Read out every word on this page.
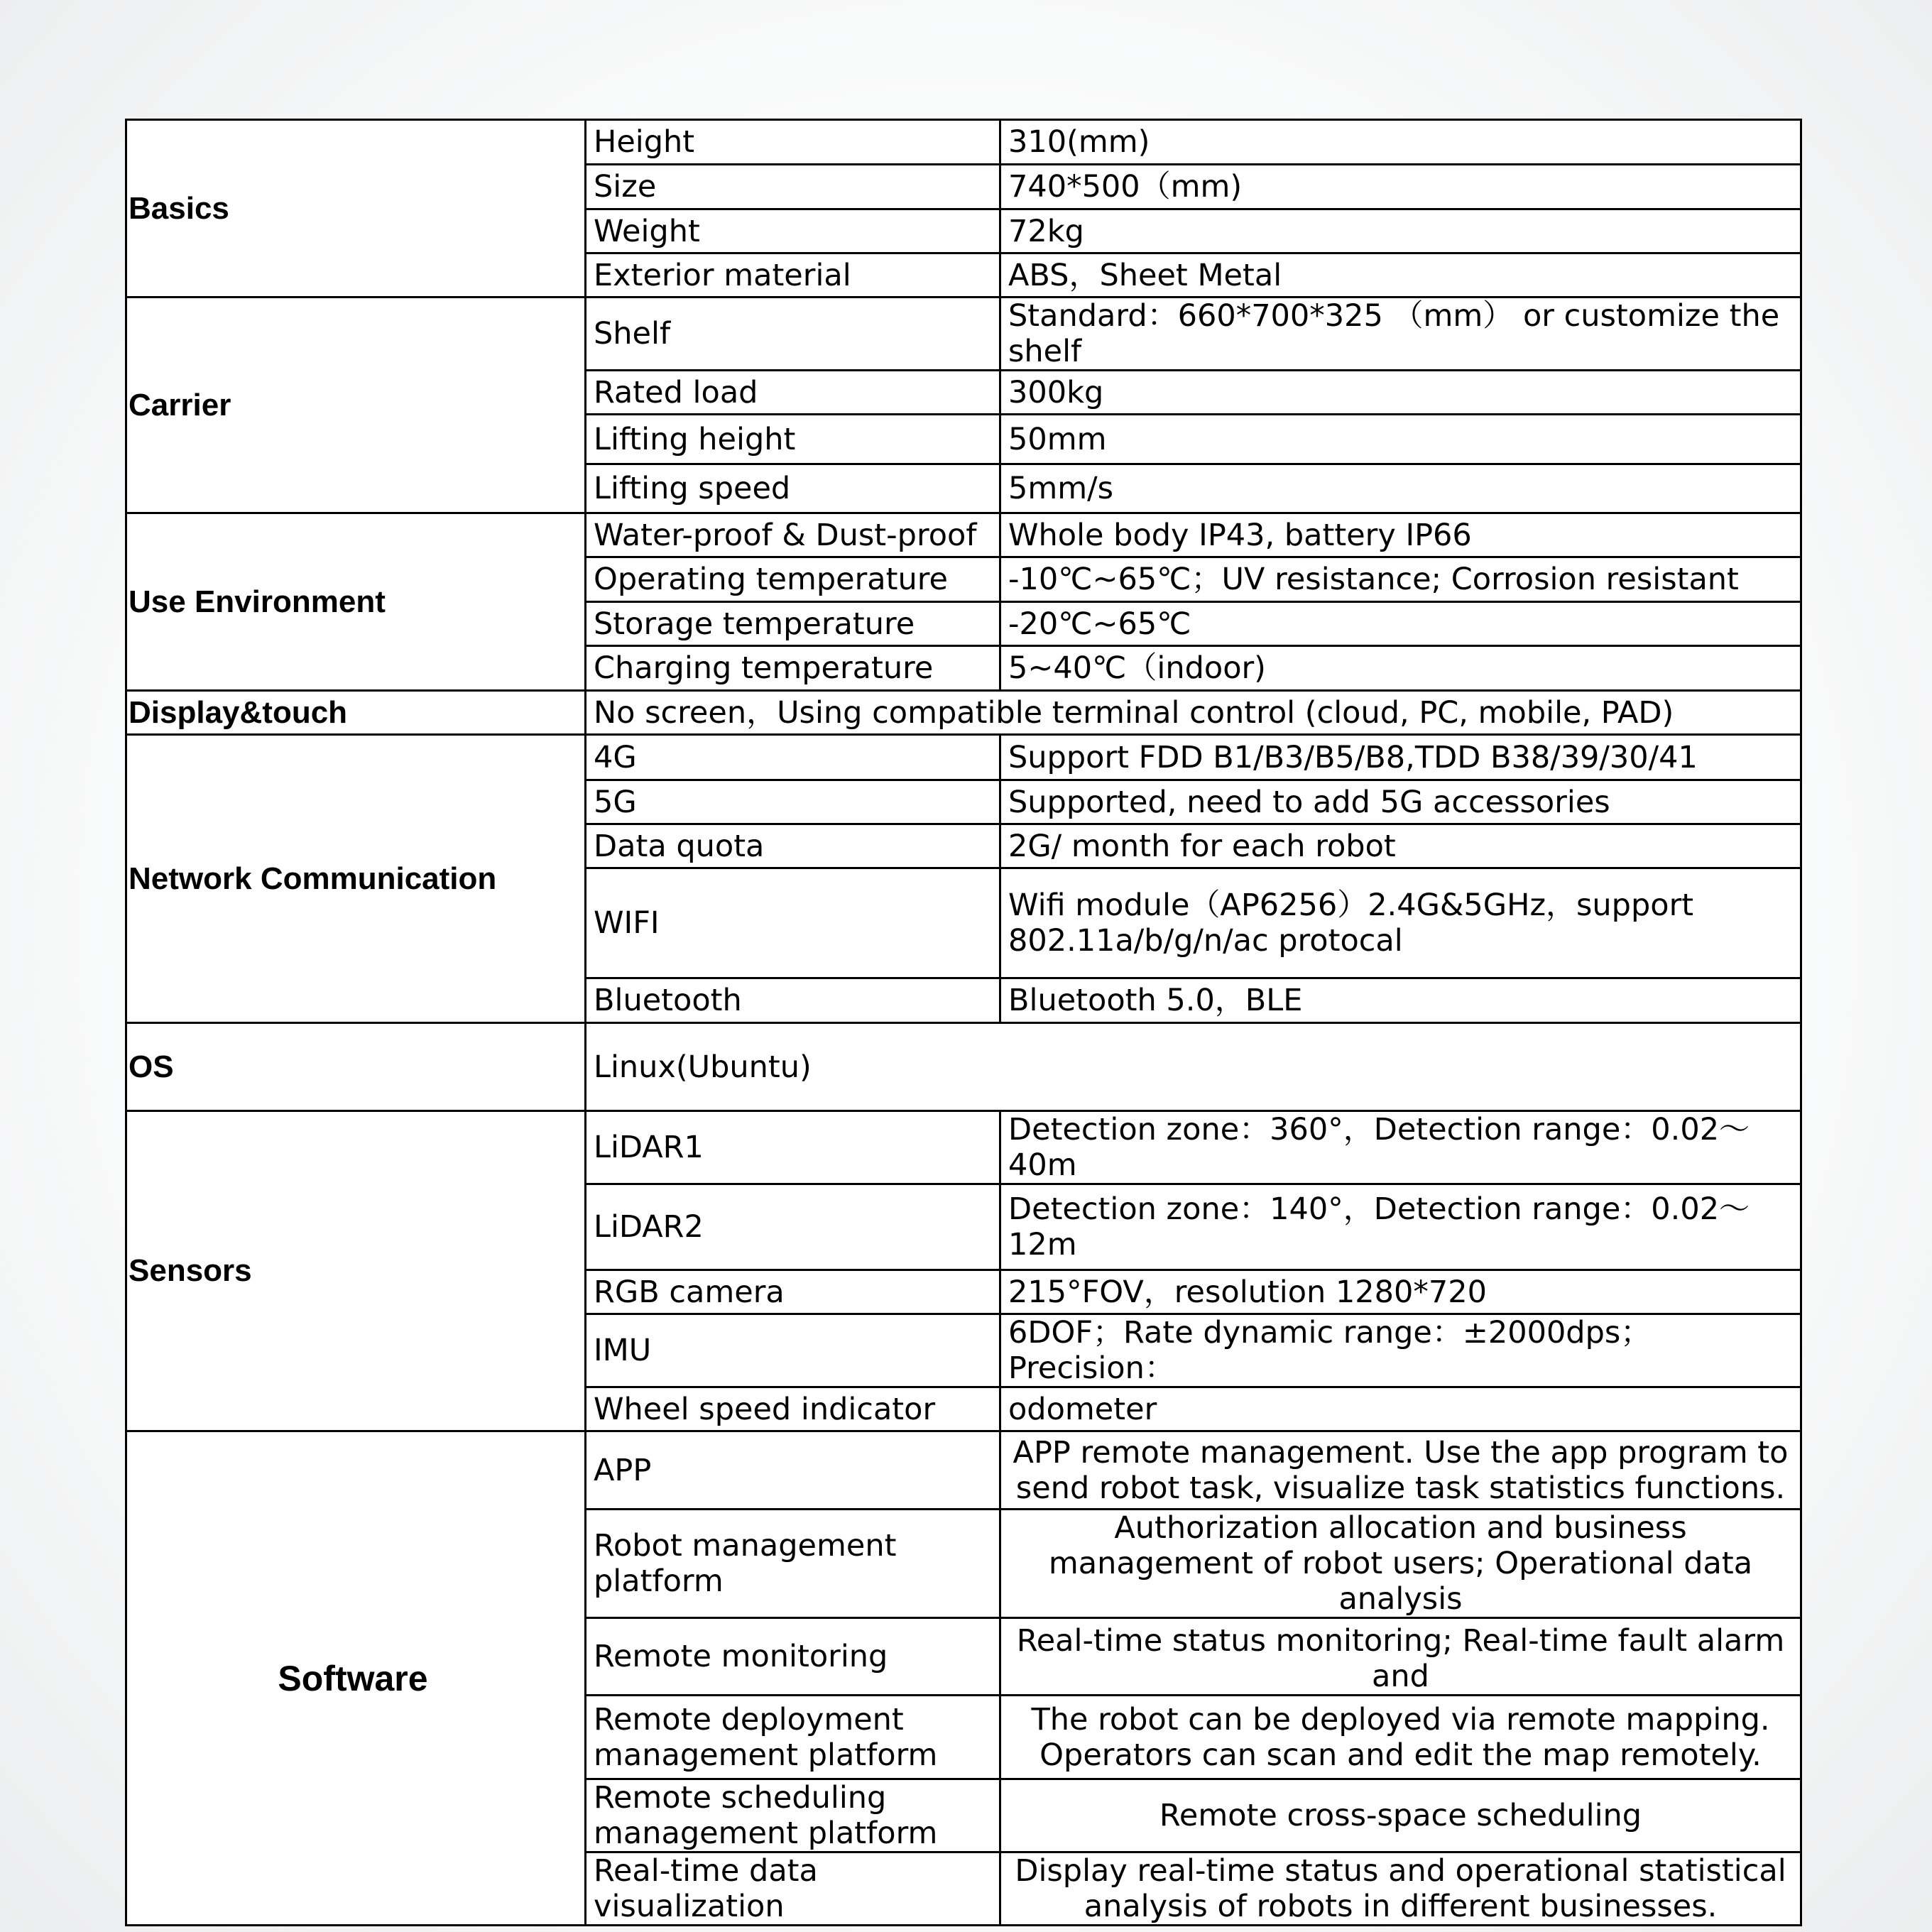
Basics	Height	310(mm)
	Size	740*500（mm)
	Weight	72kg
	Exterior material	ABS，Sheet Metal
Carrier	Shelf	Standard：660*700*325 （mm） or customize the shelf
	Rated load	300kg
	Lifting height	50mm
	Lifting speed	5mm/s
Use Environment	Water-proof & Dust-proof	Whole body IP43, battery IP66
	Operating temperature	-10℃~65℃；UV resistance; Corrosion resistant
	Storage temperature	-20℃~65℃
	Charging temperature	5~40℃（indoor)
Display&touch	No screen，Using compatible terminal control (cloud, PC, mobile, PAD)	
Network Communication	4G	Support FDD B1/B3/B5/B8,TDD B38/39/30/41
	5G	Supported, need to add 5G accessories
	Data quota	2G/ month for each robot
	WIFI	Wifi module（AP6256）2.4G&5GHz，support 802.11a/b/g/n/ac protocal
	Bluetooth	Bluetooth 5.0，BLE
OS	Linux(Ubuntu)	
Sensors	LiDAR1	Detection zone：360°，Detection range：0.02～40m
	LiDAR2	Detection zone：140°，Detection range：0.02～12m
	RGB camera	215°FOV，resolution 1280*720
	IMU	6DOF；Rate dynamic range：±2000dps；Precision：
	Wheel speed indicator	odometer
Software	APP	APP remote management. Use the app program to send robot task, visualize task statistics functions.
	Robot management platform	Authorization allocation and business management of robot users; Operational data analysis
	Remote monitoring	Real-time status monitoring; Real-time fault alarm and
	Remote deployment management platform	The robot can be deployed via remote mapping. Operators can scan and edit the map remotely.
	Remote scheduling management platform	Remote cross-space scheduling
	Real-time data visualization	Display real-time status and operational statistical analysis of robots in different businesses.
